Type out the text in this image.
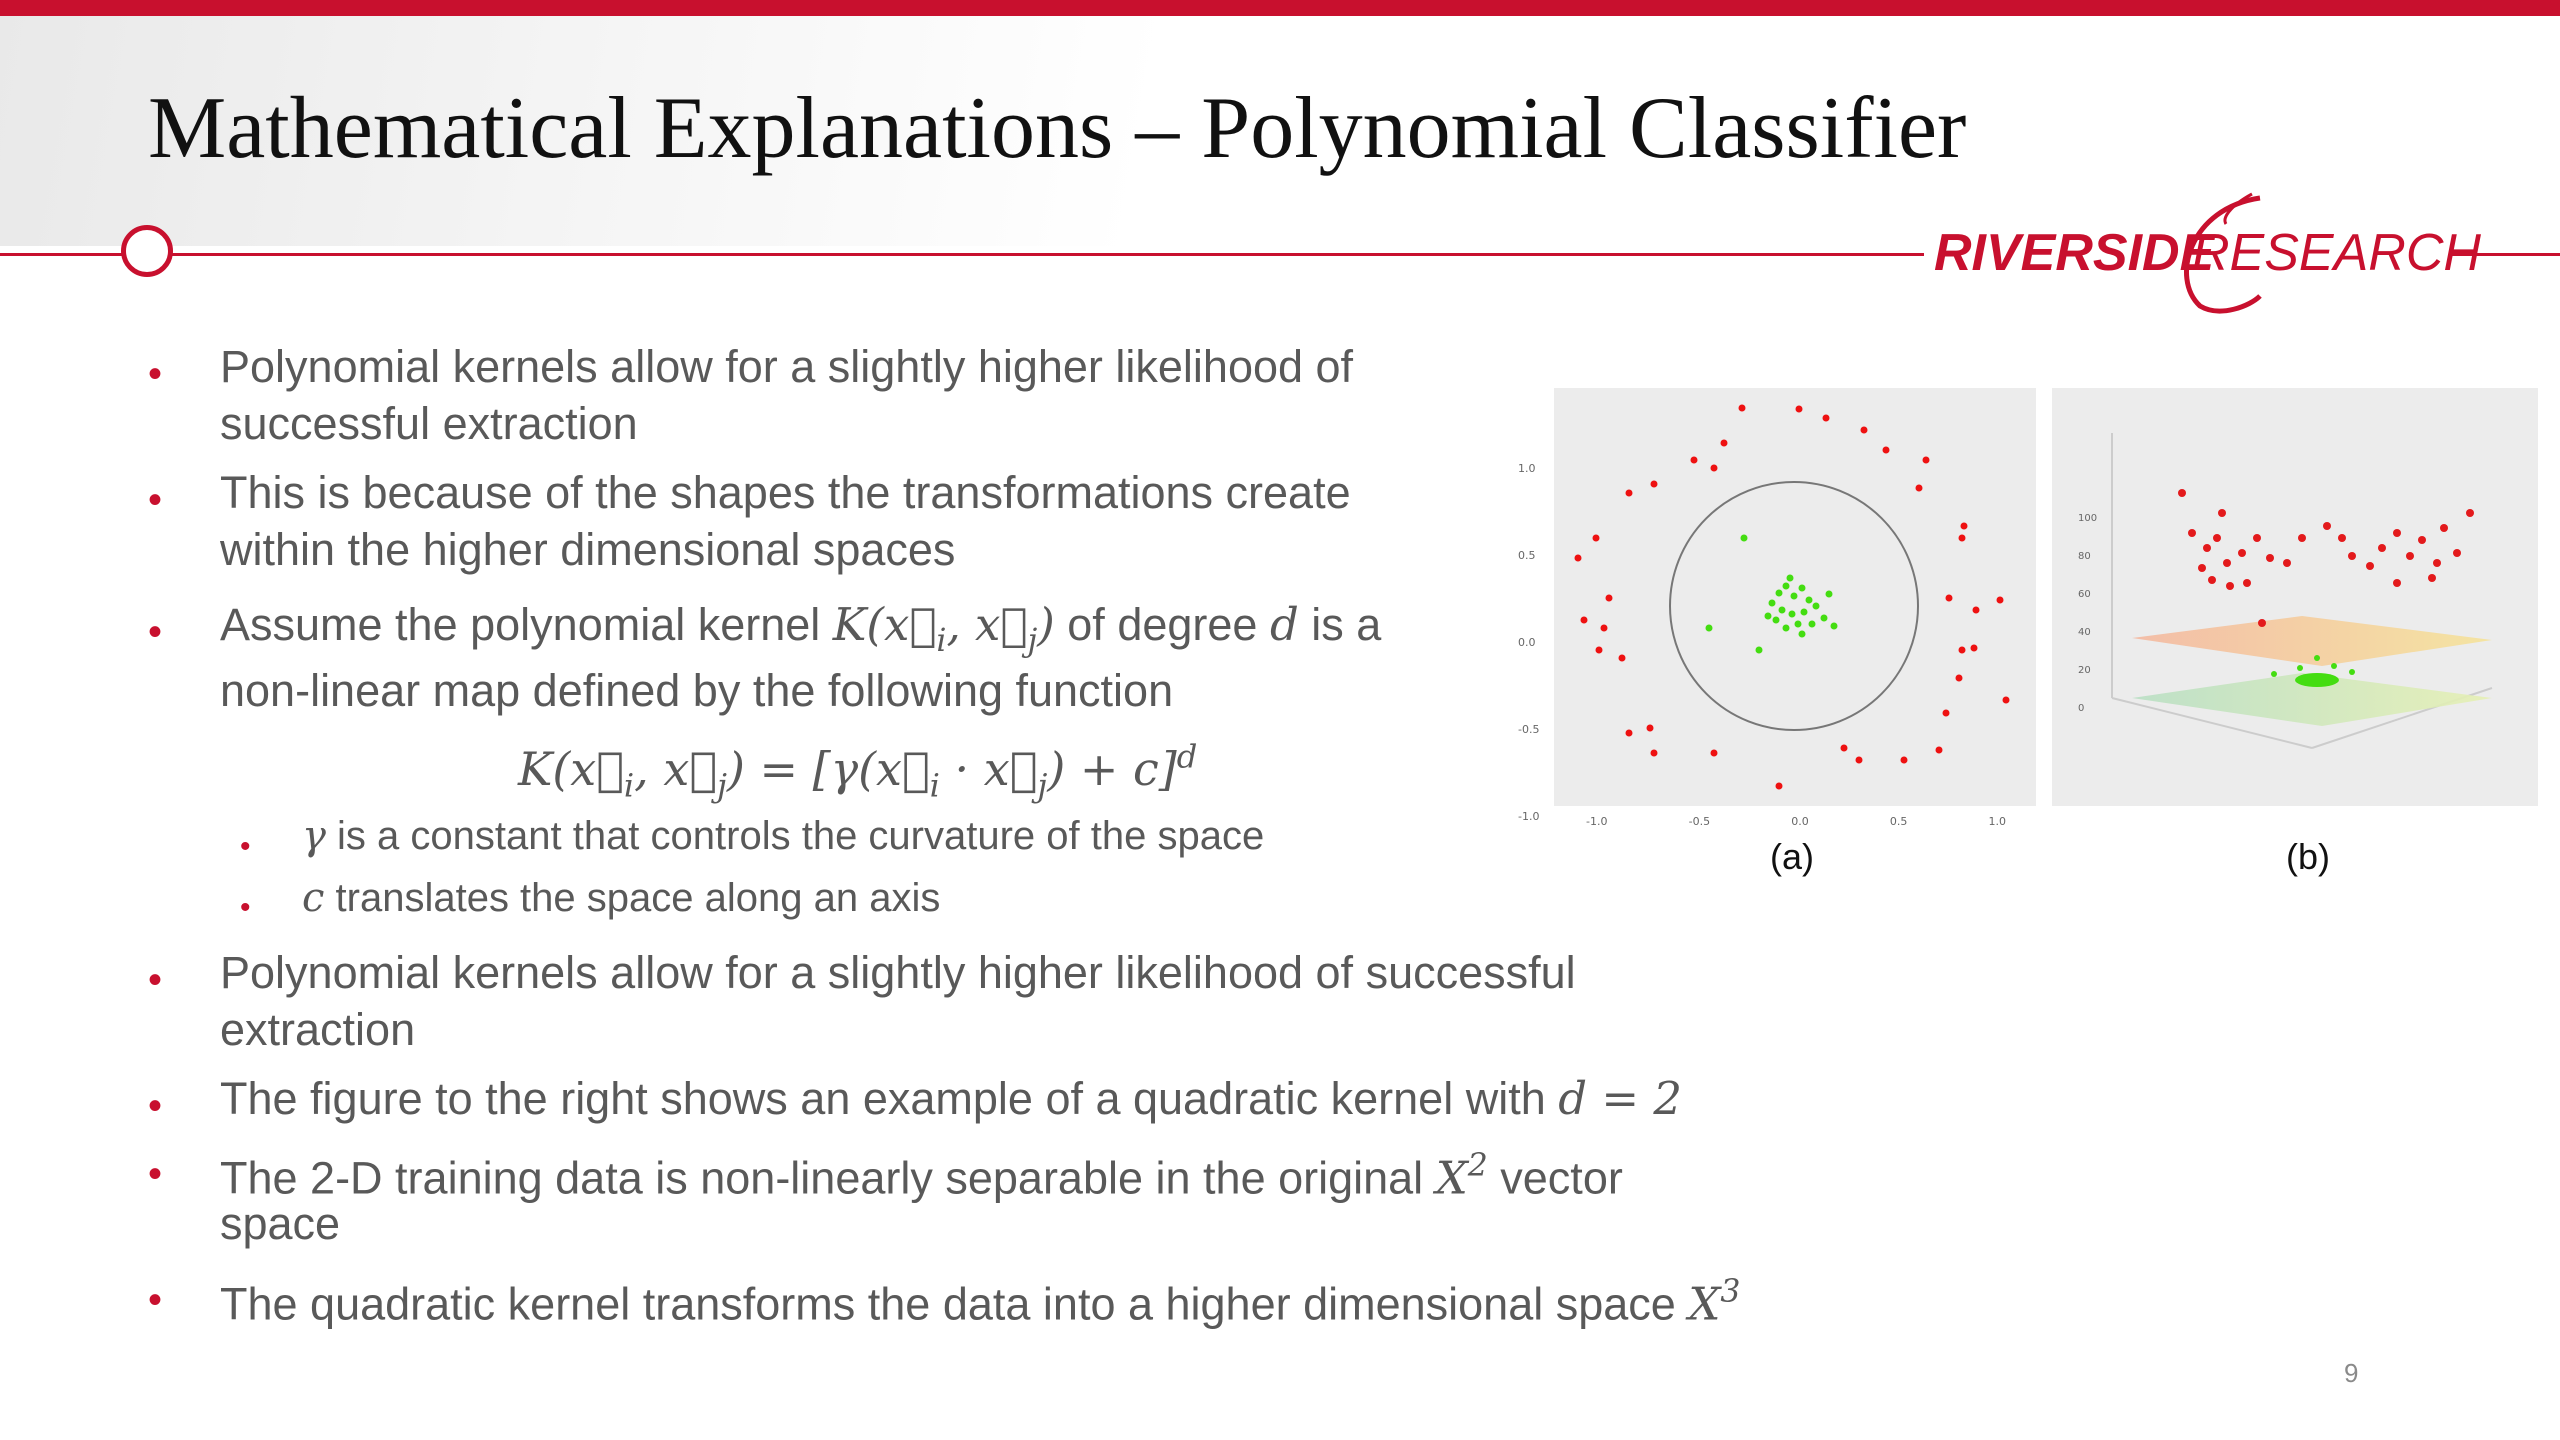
Mathematical Explanations – Polynomial Classifier
RIVERSIDE
RESEARCH
• Polynomial kernels allow for a slightly higher likelihood of
successful extraction
• This is because of the shapes the transformations create
within the higher dimensional spaces
• Assume the polynomial kernel $K(x⃗_i$, $x⃗_j$) of degree d is a
non-linear map defined by the following function
$K(x⃗_i$, $x⃗_j$) = [$\gamma(x⃗_i$ · $x⃗_j) + c]^d$
• γ is a constant that controls the curvature of the space
• c translates the space along an axis
• Polynomial kernels allow for a slightly higher likelihood of successful
extraction
• The figure to the right shows an example of a quadratic kernel with d = 2
• The 2-D training data is non-linearly separable in the original $X^2$ vector
space
• The quadratic kernel transforms the data into a higher dimensional space $X^3$
1.0
0.5
0.0
-0.5
-1.0	-1.0	-0.5	0.0	0.5	1.0
(a)
100
80
60
40
20
0
(b)
9
